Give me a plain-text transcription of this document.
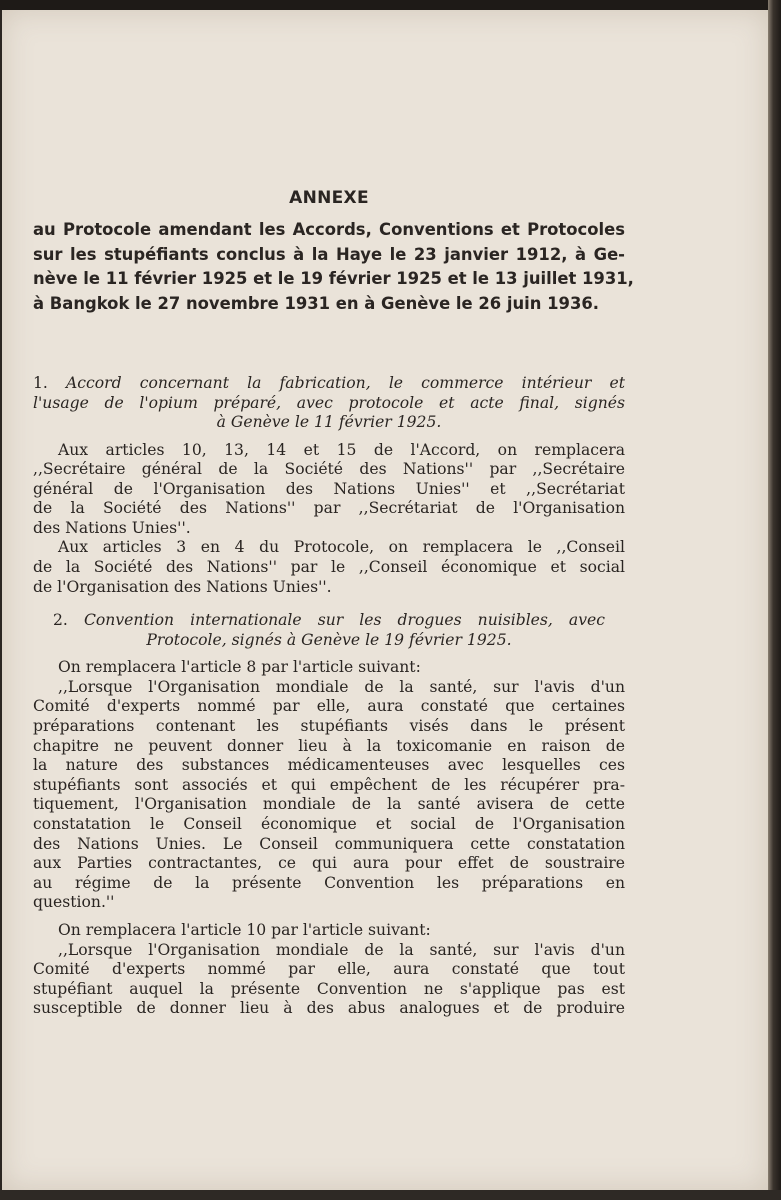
ANNEXE
au Protocole amendant les Accords, Conventions et Protocoles
sur les stupéfiants conclus à la Haye le 23 janvier 1912, à Ge-
nève le 11 février 1925 et le 19 février 1925 et le 13 juillet 1931,
à Bangkok le 27 novembre 1931 en à Genève le 26 juin 1936.
1. Accord concernant la fabrication, le commerce intérieur et
l'usage de l'opium préparé, avec protocole et acte final, signés
à Genève le 11 février 1925.
Aux articles 10, 13, 14 et 15 de l'Accord, on remplacera
,,Secrétaire général de la Société des Nations'' par ,,Secrétaire
général de l'Organisation des Nations Unies'' et ,,Secrétariat
de la Société des Nations'' par ,,Secrétariat de l'Organisation
des Nations Unies''.
Aux articles 3 en 4 du Protocole, on remplacera le ,,Conseil
de la Société des Nations'' par le ,,Conseil économique et social
de l'Organisation des Nations Unies''.
2. Convention internationale sur les drogues nuisibles, avec
Protocole, signés à Genève le 19 février 1925.
On remplacera l'article 8 par l'article suivant:
,,Lorsque l'Organisation mondiale de la santé, sur l'avis d'un
Comité d'experts nommé par elle, aura constaté que certaines
préparations contenant les stupéfiants visés dans le présent
chapitre ne peuvent donner lieu à la toxicomanie en raison de
la nature des substances médicamenteuses avec lesquelles ces
stupéfiants sont associés et qui empêchent de les récupérer pra-
tiquement, l'Organisation mondiale de la santé avisera de cette
constatation le Conseil économique et social de l'Organisation
des Nations Unies. Le Conseil communiquera cette constatation
aux Parties contractantes, ce qui aura pour effet de soustraire
au régime de la présente Convention les préparations en
question.''
On remplacera l'article 10 par l'article suivant:
,,Lorsque l'Organisation mondiale de la santé, sur l'avis d'un
Comité d'experts nommé par elle, aura constaté que tout
stupéfiant auquel la présente Convention ne s'applique pas est
susceptible de donner lieu à des abus analogues et de produire
